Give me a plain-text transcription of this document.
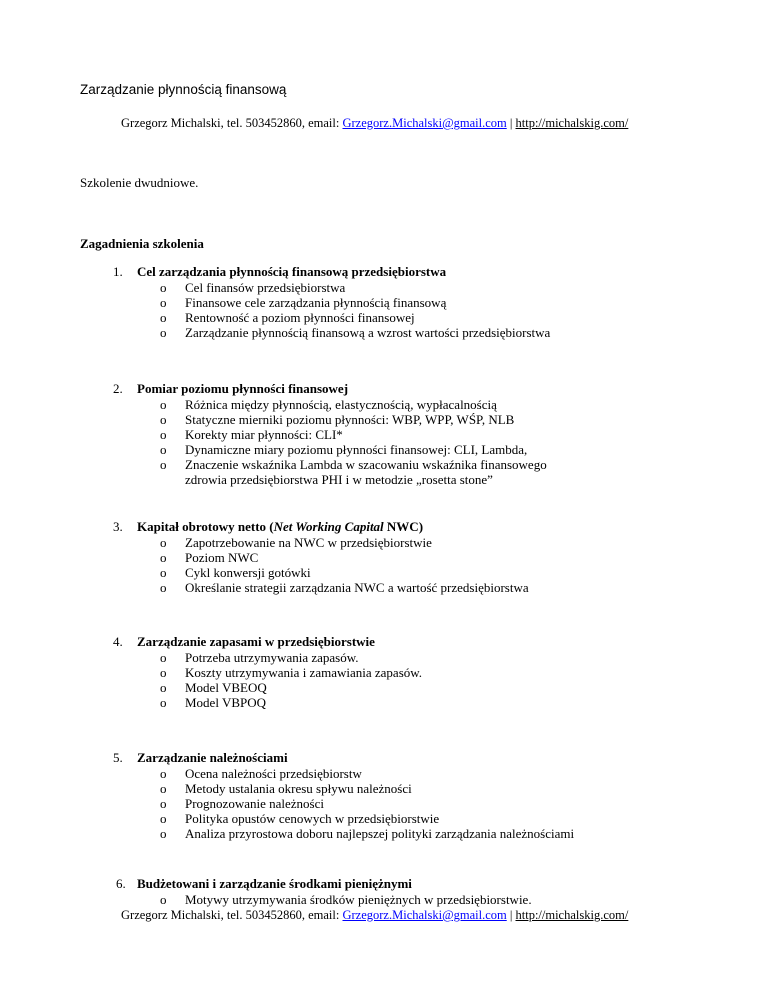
Zarządzanie płynnością finansową
Grzegorz Michalski, tel. 503452860, email: Grzegorz.Michalski@gmail.com | http://michalskig.com/
Szkolenie dwudniowe.
Zagadnienia szkolenia
1. Cel zarządzania płynnością finansową przedsiębiorstwa
o Cel finansów przedsiębiorstwa
o Finansowe cele zarządzania płynnością finansową
o Rentowność a poziom płynności finansowej
o Zarządzanie płynnością finansową a wzrost wartości przedsiębiorstwa
2. Pomiar poziomu płynności finansowej
o Różnica między płynnością, elastycznością, wypłacalnością
o Statyczne mierniki poziomu płynności: WBP, WPP, WŚP, NLB
o Korekty miar płynności: CLI*
o Dynamiczne miary poziomu płynności finansowej: CLI, Lambda,
o Znaczenie wskaźnika Lambda w szacowaniu wskaźnika finansowego zdrowia przedsiębiorstwa PHI i w metodzie „rosetta stone”
3. Kapitał obrotowy netto (Net Working Capital NWC)
o Zapotrzebowanie na NWC w przedsiębiorstwie
o Poziom NWC
o Cykl konwersji gotówki
o Określanie strategii zarządzania NWC a wartość przedsiębiorstwa
4. Zarządzanie zapasami w przedsiębiorstwie
o Potrzeba utrzymywania zapasów.
o Koszty utrzymywania i zamawiania zapasów.
o Model VBEOQ
o Model VBPOQ
5. Zarządzanie należnościami
o Ocena należności przedsiębiorstw
o Metody ustalania okresu spływu należności
o Prognozowanie należności
o Polityka opustów cenowych w przedsiębiorstwie
o Analiza przyrostowa doboru najlepszej polityki zarządzania należnościami
6. Budżetowani i zarządzanie środkami pieniężnymi
o Motywy utrzymywania środków pieniężnych w przedsiębiorstwie.
Grzegorz Michalski, tel. 503452860, email: Grzegorz.Michalski@gmail.com | http://michalskig.com/
